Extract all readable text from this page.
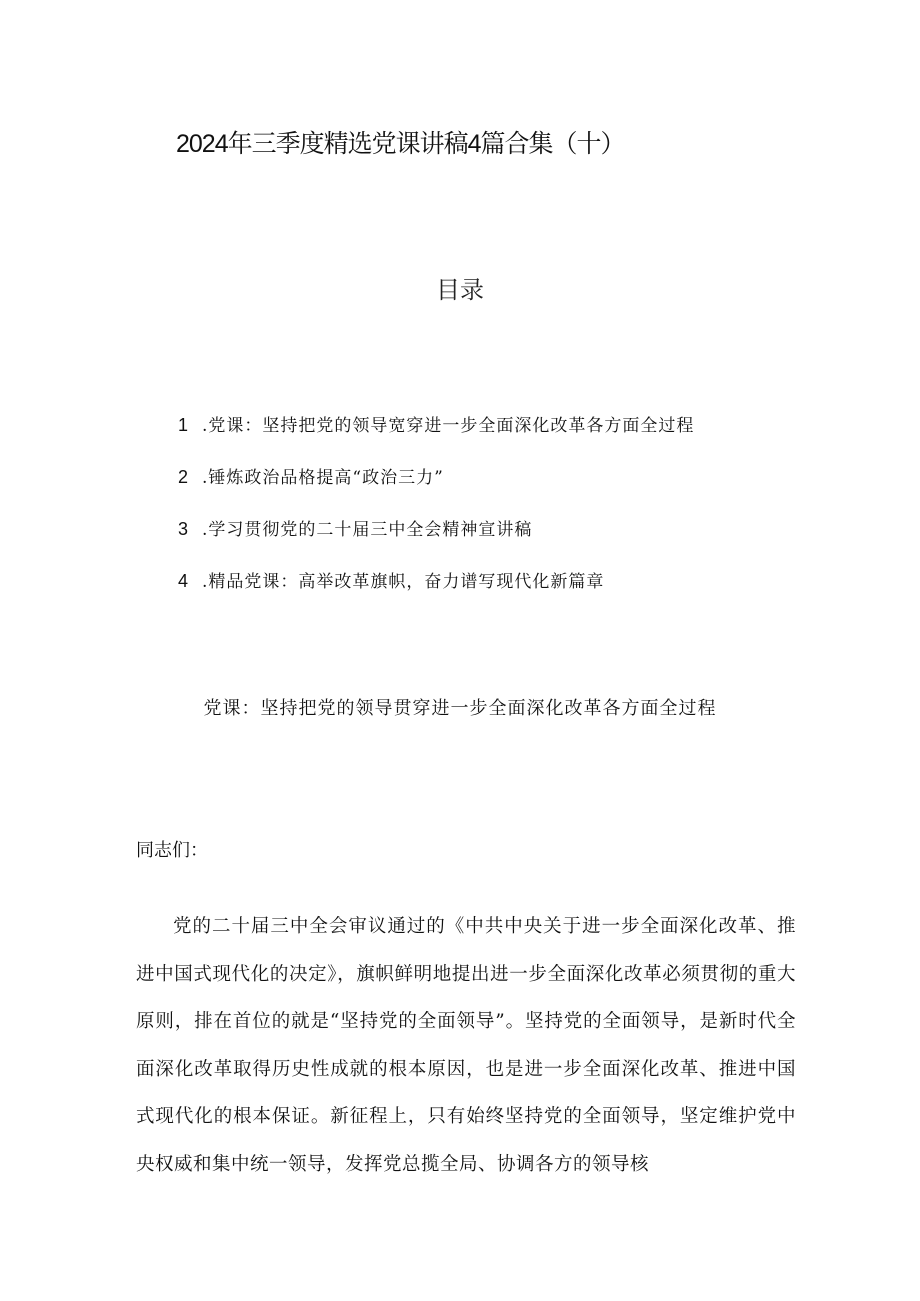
2024年三季度精选党课讲稿4篇合集（十）
目录
1 .党课：坚持把党的领导宽穿进一步全面深化改革各方面全过程
2 .锤炼政治品格提高“政治三力”
3 .学习贯彻党的二十届三中全会精神宣讲稿
4 .精品党课：高举改革旗帜，奋力谱写现代化新篇章
党课：坚持把党的领导贯穿进一步全面深化改革各方面全过程
同志们：

党的二十届三中全会审议通过的《中共中央关于进一步全面深化改革、推进中国式现代化的决定》，旗帜鲜明地提出进一步全面深化改革必须贯彻的重大原则，排在首位的就是“坚持党的全面领导”。坚持党的全面领导，是新时代全面深化改革取得历史性成就的根本原因，也是进一步全面深化改革、推进中国式现代化的根本保证。新征程上，只有始终坚持党的全面领导，坚定维护党中央权威和集中统一领导，发挥党总揽全局、协调各方的领导核
